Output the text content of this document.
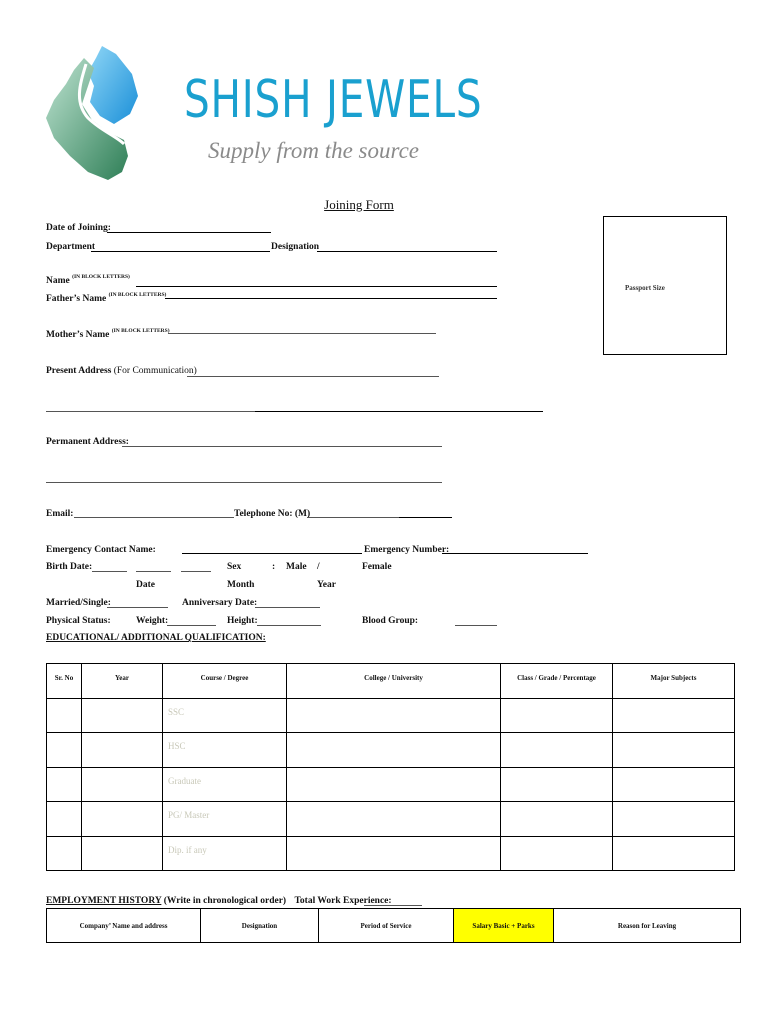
SHISH JEWELS
Supply from the source
Joining Form
Passport Size
Date of Joining:
Department	Designation
Name $^{(IN BLOCK LETTERS)}$
Father’s Name $^{(IN BLOCK LETTERS)}$
Mother’s Name $^{(IN BLOCK LETTERS)}$
Present Address (For Communication)
Permanent Address:
Email:	Telephone No: (M)
Emergency Contact Name:	Emergency Number:
Birth Date:	Sex	: Male /	Female
Date	Month	Year
Married/Single:	Anniversary Date:
Physical Status:	Weight:	Height:	Blood Group:
EDUCATIONAL/ ADDITIONAL QUALIFICATION:
Sr. No	Year	Course / Degree	College / University	Class / Grade / Percentage	Major Subjects
		SSC			
		HSC			
		Graduate			
		PG/ Master			
		Dip. if any			
EMPLOYMENT HISTORY (Write in chronological order) Total Work Experience:
Company’ Name and address	Designation	Period of Service	Salary Basic + Parks	Reason for Leaving
